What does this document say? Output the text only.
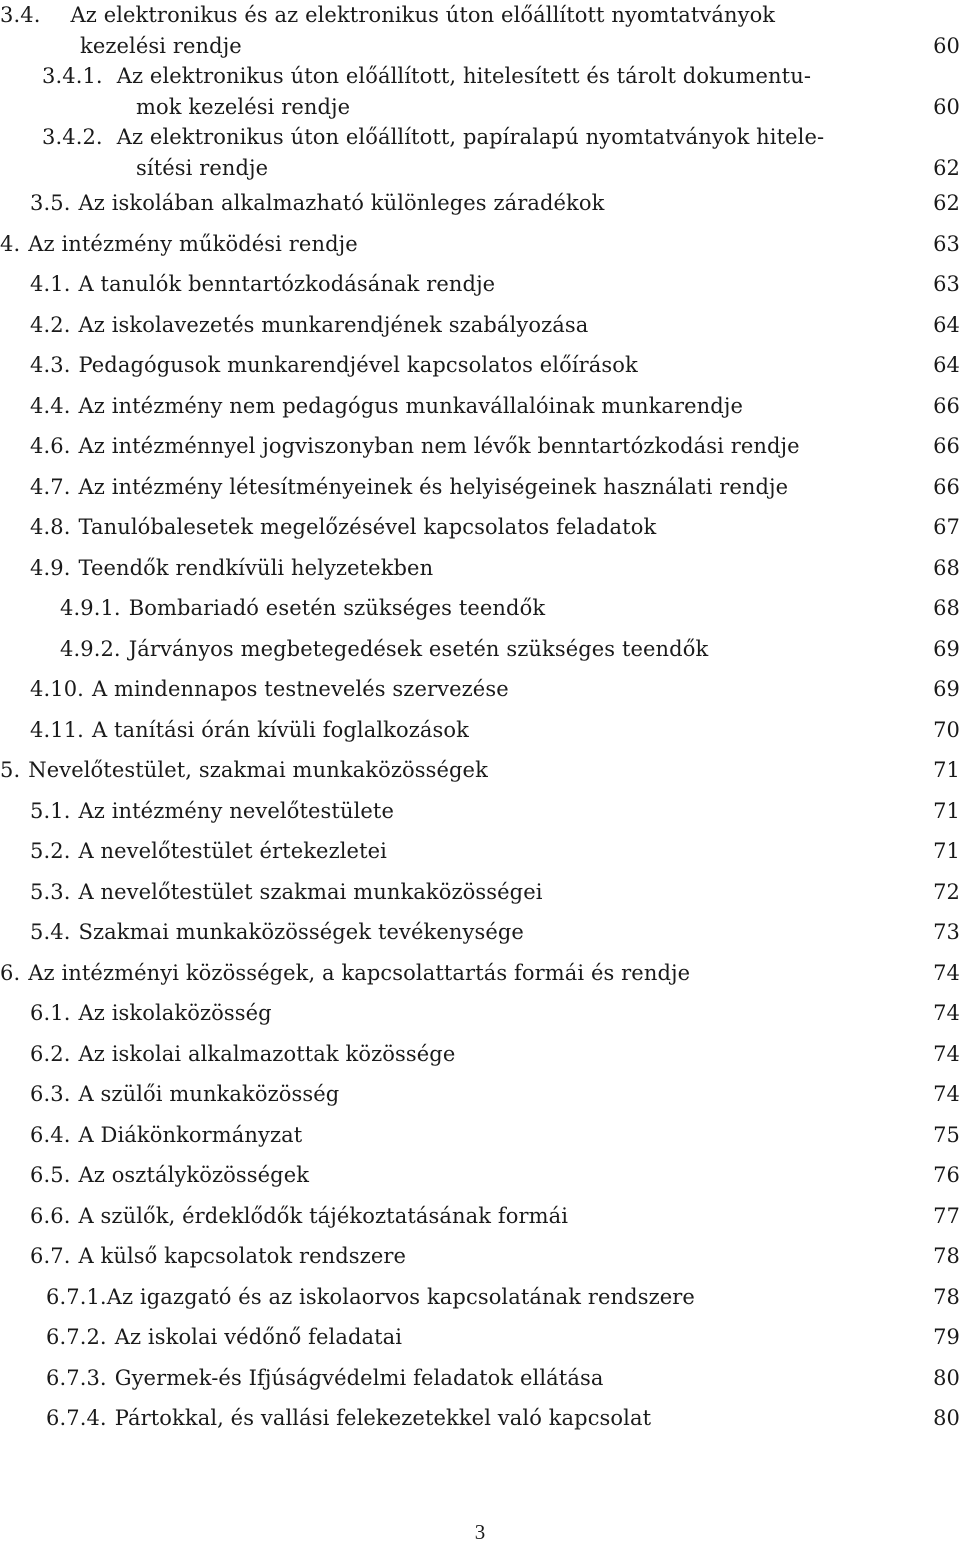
3.4. Az elektronikus és az elektronikus úton előállított nyomtatványok
kezelési rendje	60
3.4.1. Az elektronikus úton előállított, hitelesített és tárolt dokumentu-
mok kezelési rendje	60
3.4.2. Az elektronikus úton előállított, papíralapú nyomtatványok hitele-
sítési rendje	62
3.5. Az iskolában alkalmazható különleges záradékok	62
4. Az intézmény működési rendje	63
4.1. A tanulók benntartózkodásának rendje	63
4.2. Az iskolavezetés munkarendjének szabályozása	64
4.3. Pedagógusok munkarendjével kapcsolatos előírások	64
4.4. Az intézmény nem pedagógus munkavállalóinak munkarendje	66
4.6. Az intézménnyel jogviszonyban nem lévők benntartózkodási rendje	66
4.7. Az intézmény létesítményeinek és helyiségeinek használati rendje	66
4.8. Tanulóbalesetek megelőzésével kapcsolatos feladatok	67
4.9. Teendők rendkívüli helyzetekben	68
4.9.1. Bombariadó esetén szükséges teendők	68
4.9.2. Járványos megbetegedések esetén szükséges teendők	69
4.10. A mindennapos testnevelés szervezése	69
4.11. A tanítási órán kívüli foglalkozások	70
5. Nevelőtestület, szakmai munkaközösségek	71
5.1. Az intézmény nevelőtestülete	71
5.2. A nevelőtestület értekezletei	71
5.3. A nevelőtestület szakmai munkaközösségei	72
5.4. Szakmai munkaközösségek tevékenysége	73
6. Az intézményi közösségek, a kapcsolattartás formái és rendje	74
6.1. Az iskolaközösség	74
6.2. Az iskolai alkalmazottak közössége	74
6.3. A szülői munkaközösség	74
6.4. A Diákönkormányzat	75
6.5. Az osztályközösségek	76
6.6. A szülők, érdeklődők tájékoztatásának formái	77
6.7. A külső kapcsolatok rendszere	78
6.7.1. Az igazgató és az iskolaorvos kapcsolatának rendszere	78
6.7.2. Az iskolai védőnő feladatai	79
6.7.3. Gyermek-és Ifjúságvédelmi feladatok ellátása	80
6.7.4. Pártokkal, és vallási felekezetekkel való kapcsolat	80
3
